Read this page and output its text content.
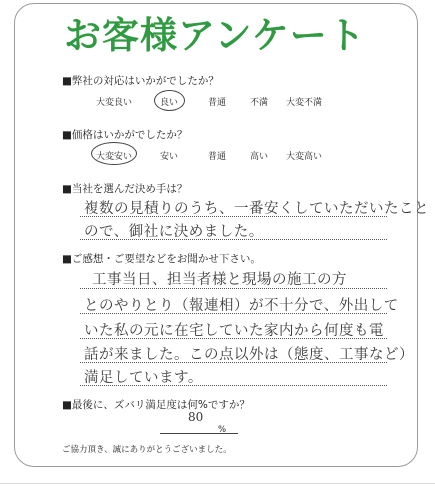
お客様アンケート
■弊社の対応はいかがでしたか？
大変良い	良い	普通	不満 大変不満
■価格はいかがでしたか？
大変安い	安い	普通	高い 大変高い
■当社を選んだ決め手は？
複数の見積りのうち、一番安くしていただいたこと
ので、御社に決めました。
■ご感想・ご要望などをお聞かせ下さい。
工事当日、担当者様と現場の施工の方
とのやりとり（報連相）が不十分で、外出して
いた私の元に在宅していた家内から何度も電
話が来ました。この点以外は（態度、工事など）
満足しています。
■最後に、ズバリ満足度は何%ですか？
80
%
ご協力頂き、誠にありがとうございました。
